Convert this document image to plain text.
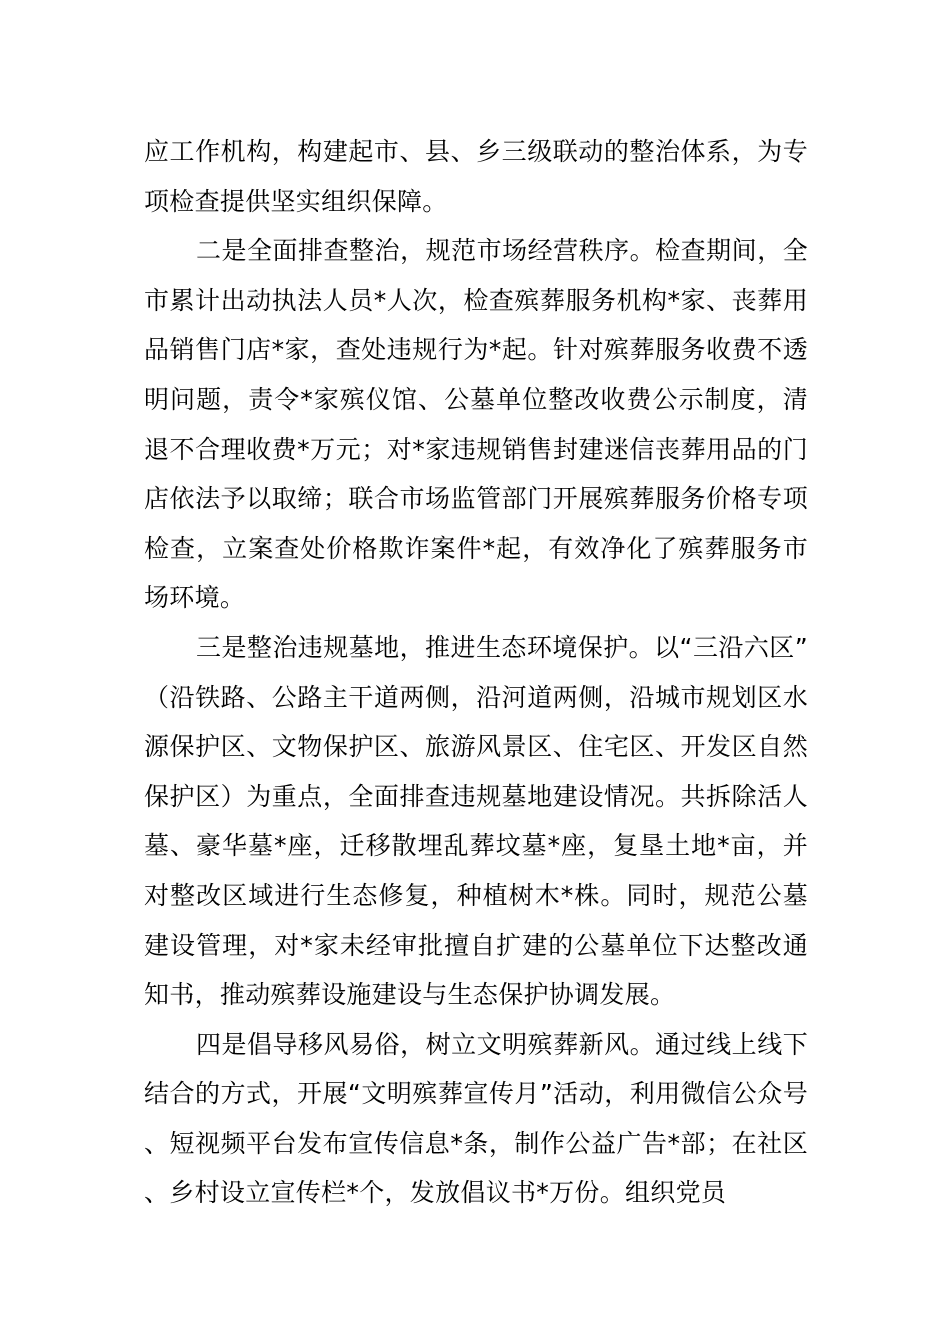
应工作机构，构建起市、县、乡三级联动的整治体系，为专项检查提供坚实组织保障。

二是全面排查整治，规范市场经营秩序。检查期间，全市累计出动执法人员*人次，检查殡葬服务机构*家、丧葬用品销售门店*家，查处违规行为*起。针对殡葬服务收费不透明问题，责令*家殡仪馆、公墓单位整改收费公示制度，清退不合理收费*万元；对*家违规销售封建迷信丧葬用品的门店依法予以取缔；联合市场监管部门开展殡葬服务价格专项检查，立案查处价格欺诈案件*起，有效净化了殡葬服务市场环境。

三是整治违规墓地，推进生态环境保护。以“三沿六区”（沿铁路、公路主干道两侧，沿河道两侧，沿城市规划区水源保护区、文物保护区、旅游风景区、住宅区、开发区自然保护区）为重点，全面排查违规墓地建设情况。共拆除活人墓、豪华墓*座，迁移散埋乱葬坟墓*座，复垦土地*亩，并对整改区域进行生态修复，种植树木*株。同时，规范公墓建设管理，对*家未经审批擅自扩建的公墓单位下达整改通知书，推动殡葬设施建设与生态保护协调发展。

四是倡导移风易俗，树立文明殡葬新风。通过线上线下结合的方式，开展“文明殡葬宣传月”活动，利用微信公众号、短视频平台发布宣传信息*条，制作公益广告*部；在社区、乡村设立宣传栏*个，发放倡议书*万份。组织党员
